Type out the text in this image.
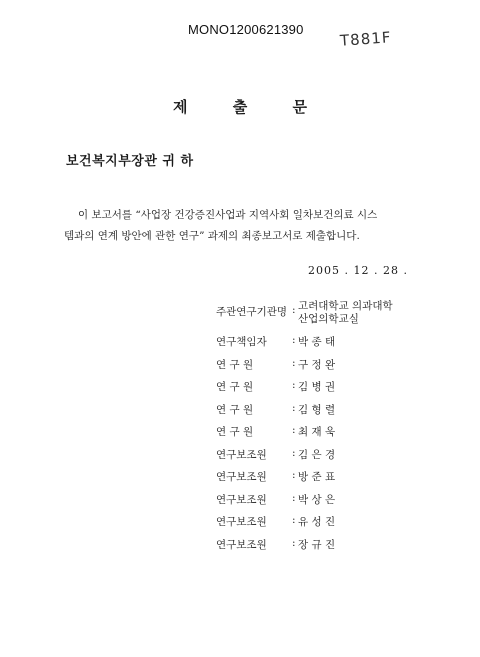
MONO1200621390 T881F
제 출 문
보건복지부장관 귀 하
이 보고서를 “사업장 건강증진사업과 지역사회 일차보건의료 시스
템과의 연계 방안에 관한 연구” 과제의 최종보고서로 제출합니다.
2005 . 12 . 28 .
주관연구기관명 : 고려대학교 의과대학
산업의학교실
연구책임자	: 박 종 태
연 구 원	: 구 정 완
연 구 원	: 김 병 권
연 구 원	: 김 형 렬
연 구 원	: 최 재 욱
연구보조원	: 김 은 경
연구보조원	: 방 준 표
연구보조원	: 박 상 은
연구보조원	: 유 성 진
연구보조원	: 장 규 진
